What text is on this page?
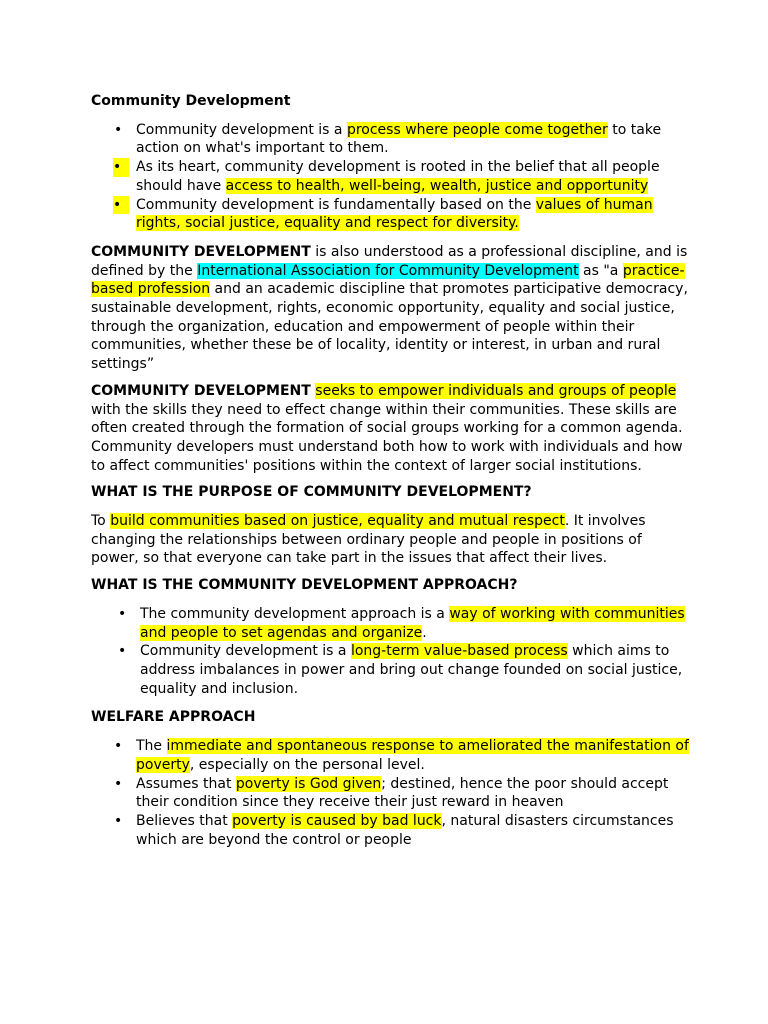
Community Development
• Community development is a process where people come together to take action on what's important to them.
•	As its heart, community development is rooted in the belief that all people should have access to health, well-being, wealth, justice and opportunity
•	Community development is fundamentally based on the values of human rights, social justice, equality and respect for diversity.

COMMUNITY DEVELOPMENT is also understood as a professional discipline, and is defined by the International Association for Community Development as "a practice-based profession and an academic discipline that promotes participative democracy, sustainable development, rights, economic opportunity, equality and social justice, through the organization, education and empowerment of people within their communities, whether these be of locality, identity or interest, in urban and rural settings”

COMMUNITY DEVELOPMENT seeks to empower individuals and groups of people with the skills they need to effect change within their communities. These skills are often created through the formation of social groups working for a common agenda. Community developers must understand both how to work with individuals and how to affect communities' positions within the context of larger social institutions.

WHAT IS THE PURPOSE OF COMMUNITY DEVELOPMENT?

To build communities based on justice, equality and mutual respect. It involves changing the relationships between ordinary people and people in positions of power, so that everyone can take part in the issues that affect their lives.

WHAT IS THE COMMUNITY DEVELOPMENT APPROACH?
• The community development approach is a way of working with communities and people to set agendas and organize.
• Community development is a long-term value-based process which aims to address imbalances in power and bring out change founded on social justice, equality and inclusion.
WELFARE APPROACH
• The immediate and spontaneous response to ameliorated the manifestation of poverty, especially on the personal level.
• Assumes that poverty is God given; destined, hence the poor should accept their condition since they receive their just reward in heaven
• Believes that poverty is caused by bad luck, natural disasters circumstances which are beyond the control or people
